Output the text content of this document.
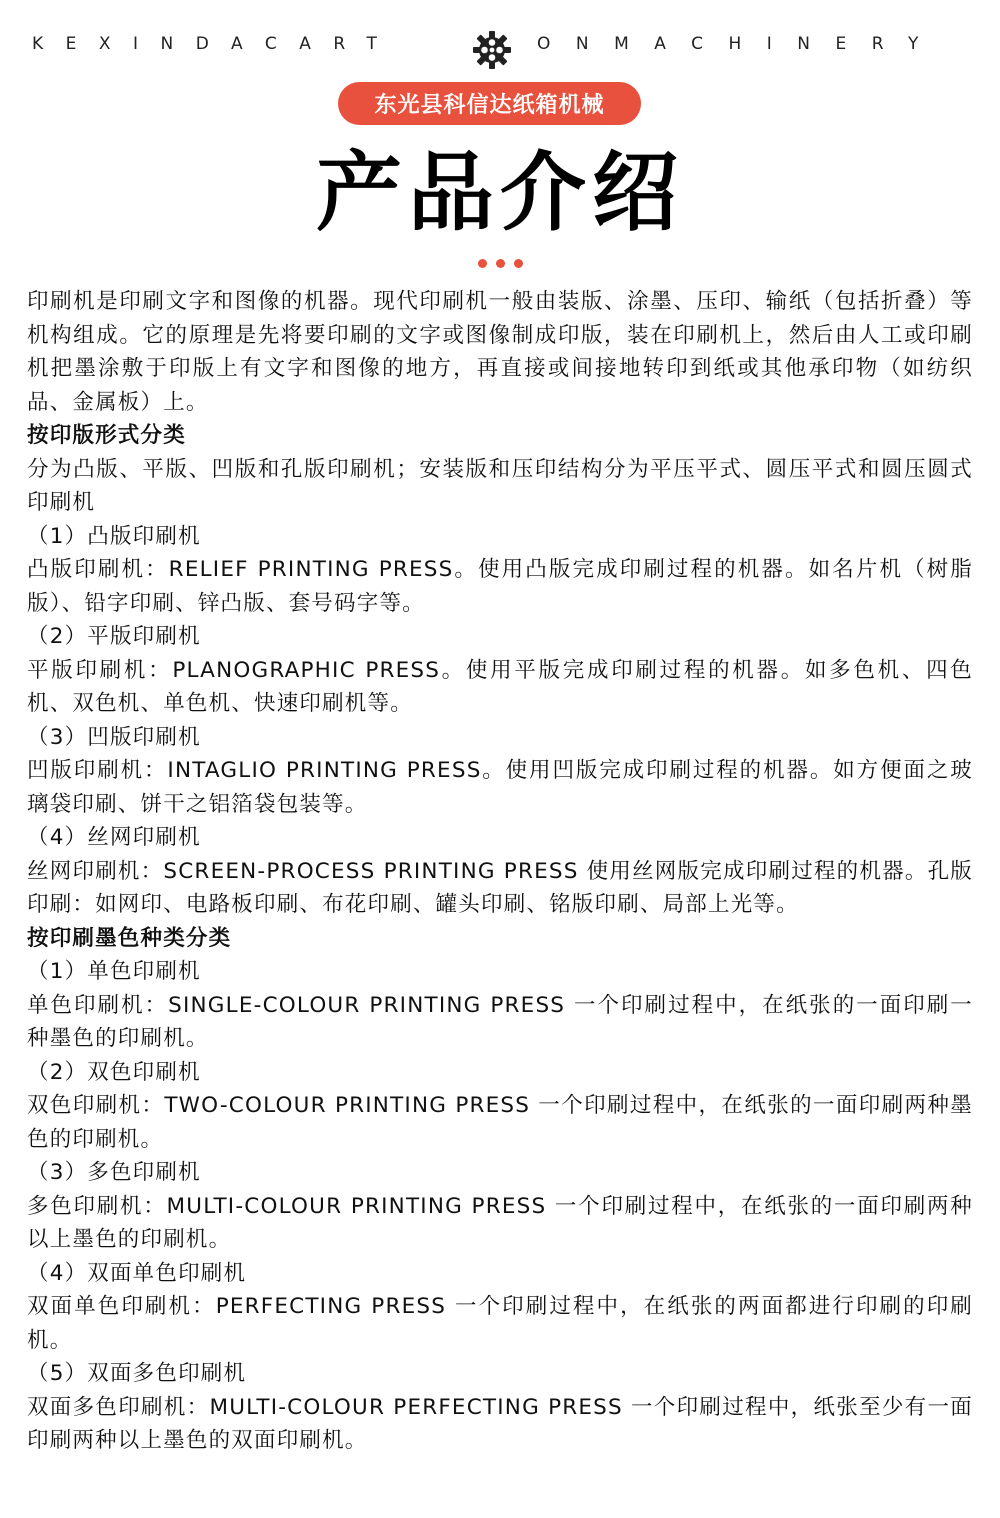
KEXINDACART	ONMACHINERY
东光县科信达纸箱机械
产品介绍

印刷机是印刷文字和图像的机器。现代印刷机一般由装版、涂墨、压印、输纸（包括折叠）等机构组成。它的原理是先将要印刷的文字或图像制成印版，装在印刷机上，然后由人工或印刷机把墨涂敷于印版上有文字和图像的地方，再直接或间接地转印到纸或其他承印物（如纺织品、金属板）上。

按印版形式分类

分为凸版、平版、凹版和孔版印刷机；安装版和压印结构分为平压平式、圆压平式和圆压圆式印刷机

（1）凸版印刷机

凸版印刷机：RELIEF PRINTING PRESS。使用凸版完成印刷过程的机器。如名片机（树脂版）、铅字印刷、锌凸版、套号码字等。

（2）平版印刷机

平版印刷机：PLANOGRAPHIC PRESS。使用平版完成印刷过程的机器。如多色机、四色机、双色机、单色机、快速印刷机等。

（3）凹版印刷机

凹版印刷机：INTAGLIO PRINTING PRESS。使用凹版完成印刷过程的机器。如方便面之玻璃袋印刷、饼干之铝箔袋包装等。

（4）丝网印刷机

丝网印刷机：SCREEN-PROCESS PRINTING PRESS 使用丝网版完成印刷过程的机器。孔版印刷：如网印、电路板印刷、布花印刷、罐头印刷、铭版印刷、局部上光等。

按印刷墨色种类分类

（1）单色印刷机

单色印刷机：SINGLE-COLOUR PRINTING PRESS 一个印刷过程中，在纸张的一面印刷一种墨色的印刷机。

（2）双色印刷机

双色印刷机：TWO-COLOUR PRINTING PRESS 一个印刷过程中，在纸张的一面印刷两种墨色的印刷机。

（3）多色印刷机

多色印刷机：MULTI-COLOUR PRINTING PRESS 一个印刷过程中，在纸张的一面印刷两种以上墨色的印刷机。

（4）双面单色印刷机

双面单色印刷机：PERFECTING PRESS 一个印刷过程中，在纸张的两面都进行印刷的印刷机。

（5）双面多色印刷机

双面多色印刷机：MULTI-COLOUR PERFECTING PRESS 一个印刷过程中，纸张至少有一面印刷两种以上墨色的双面印刷机。
